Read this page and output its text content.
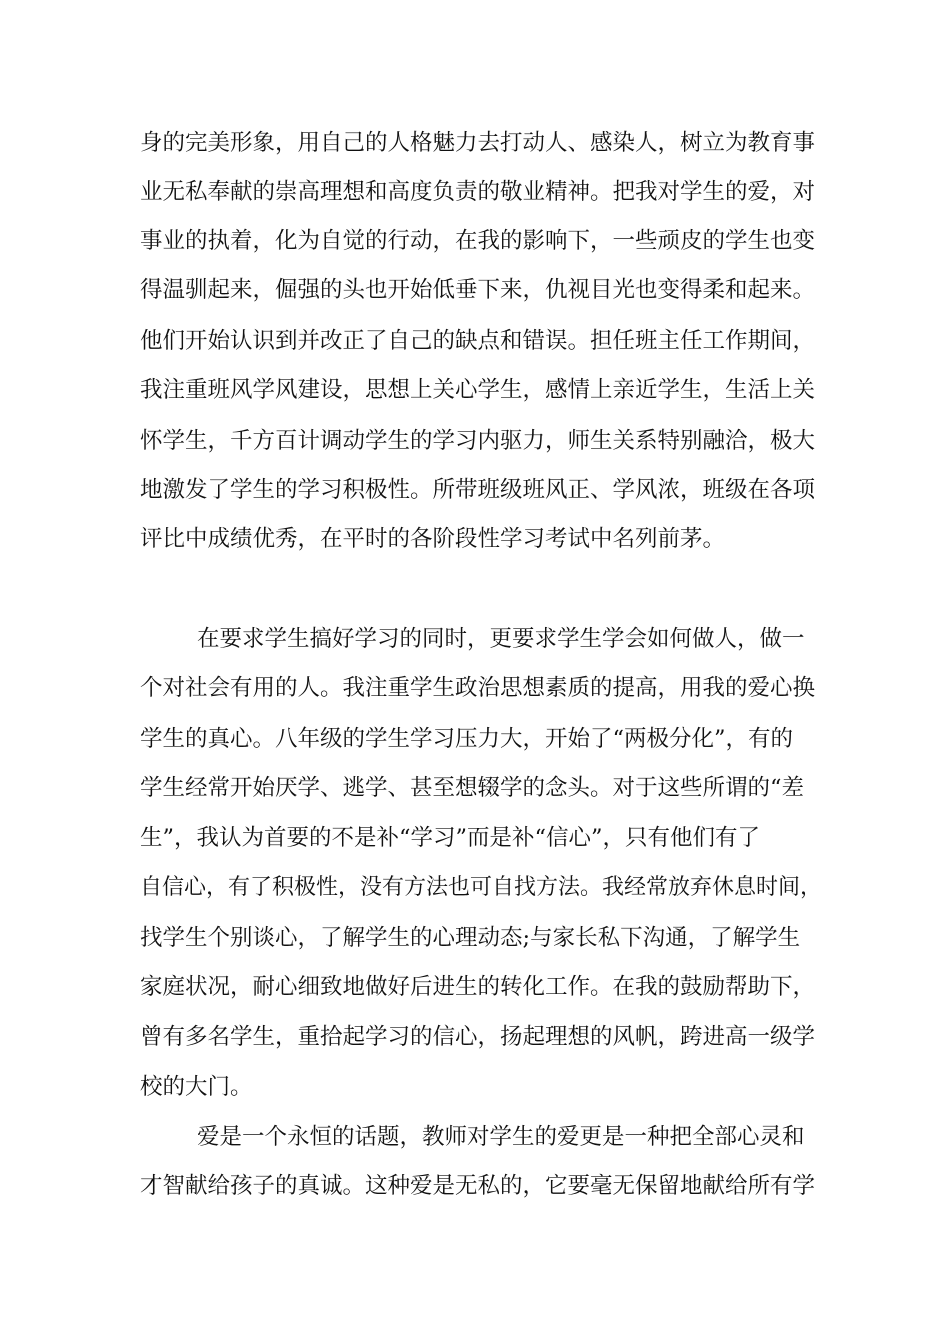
身的完美形象，用自己的人格魅力去打动人、感染人，树立为教育事
业无私奉献的崇高理想和高度负责的敬业精神。把我对学生的爱，对
事业的执着，化为自觉的行动，在我的影响下，一些顽皮的学生也变
得温驯起来，倔强的头也开始低垂下来，仇视目光也变得柔和起来。
他们开始认识到并改正了自己的缺点和错误。担任班主任工作期间，
我注重班风学风建设，思想上关心学生，感情上亲近学生，生活上关
怀学生，千方百计调动学生的学习内驱力，师生关系特别融洽，极大
地激发了学生的学习积极性。所带班级班风正、学风浓，班级在各项
评比中成绩优秀，在平时的各阶段性学习考试中名列前茅。
在要求学生搞好学习的同时，更要求学生学会如何做人，做一
个对社会有用的人。我注重学生政治思想素质的提高，用我的爱心换
学生的真心。八年级的学生学习压力大，开始了“两极分化”，有的
学生经常开始厌学、逃学、甚至想辍学的念头。对于这些所谓的“差
生”，我认为首要的不是补“学习”而是补“信心”，只有他们有了
自信心，有了积极性，没有方法也可自找方法。我经常放弃休息时间，
找学生个别谈心，了解学生的心理动态;与家长私下沟通，了解学生
家庭状况，耐心细致地做好后进生的转化工作。在我的鼓励帮助下，
曾有多名学生，重拾起学习的信心，扬起理想的风帆，跨进高一级学
校的大门。
爱是一个永恒的话题，教师对学生的爱更是一种把全部心灵和
才智献给孩子的真诚。这种爱是无私的，它要毫无保留地献给所有学
